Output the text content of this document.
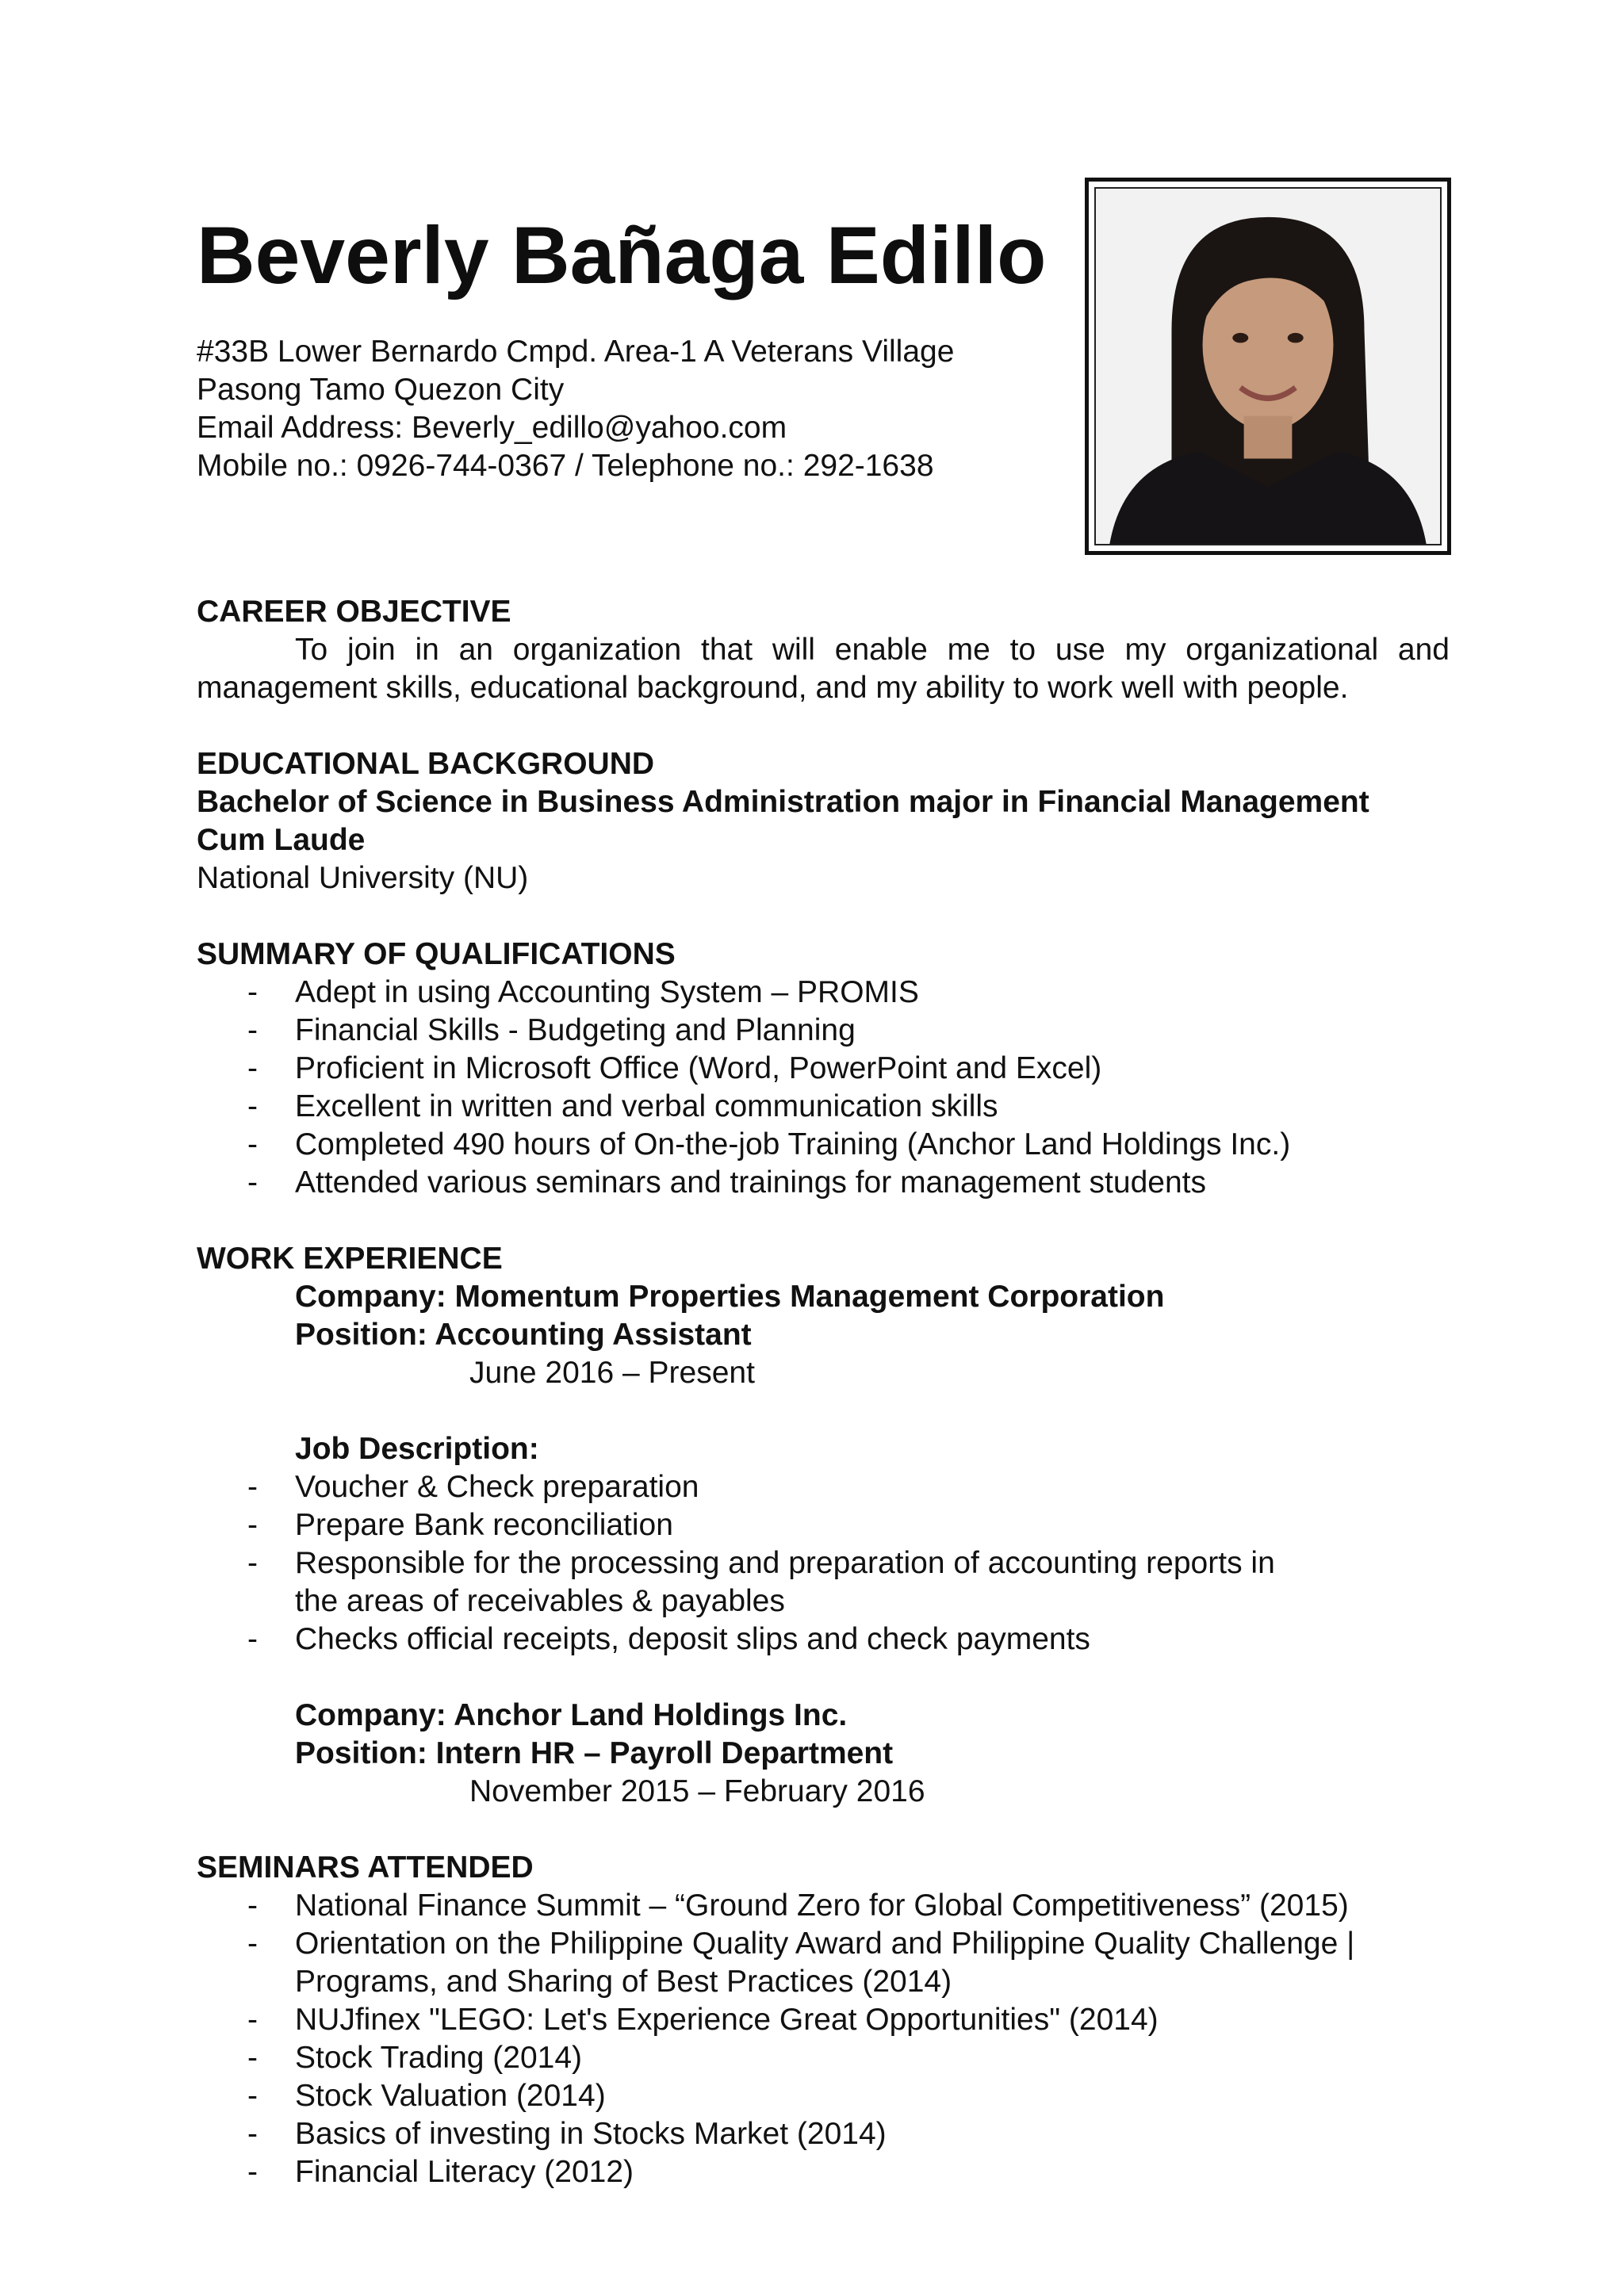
Beverly Bañaga Edillo
#33B Lower Bernardo Cmpd. Area-1 A Veterans Village
Pasong Tamo Quezon City
Email Address: Beverly_edillo@yahoo.com
Mobile no.: 0926-744-0367 / Telephone no.: 292-1638
CAREER OBJECTIVE

To join in an organization that will enable me to use my organizational and management skills, educational background, and my ability to work well with people.

EDUCATIONAL BACKGROUND
Bachelor of Science in Business Administration major in Financial Management
Cum Laude
National University (NU)
SUMMARY OF QUALIFICATIONS
- Adept in using Accounting System – PROMIS
- Financial Skills - Budgeting and Planning
- Proficient in Microsoft Office (Word, PowerPoint and Excel)
- Excellent in written and verbal communication skills
- Completed 490 hours of On-the-job Training (Anchor Land Holdings Inc.)
- Attended various seminars and trainings for management students
WORK EXPERIENCE
Company: Momentum Properties Management Corporation
Position: Accounting Assistant
June 2016 – Present
Job Description:
- Voucher & Check preparation
- Prepare Bank reconciliation
- Responsible for the processing and preparation of accounting reports in the areas of receivables & payables
- Checks official receipts, deposit slips and check payments
Company: Anchor Land Holdings Inc.
Position: Intern HR – Payroll Department
November 2015 – February 2016
SEMINARS ATTENDED
- National Finance Summit – “Ground Zero for Global Competitiveness” (2015)
- Orientation on the Philippine Quality Award and Philippine Quality Challenge | Programs, and Sharing of Best Practices (2014)
- NUJfinex "LEGO: Let's Experience Great Opportunities" (2014)
- Stock Trading (2014)
- Stock Valuation (2014)
- Basics of investing in Stocks Market (2014)
- Financial Literacy (2012)
